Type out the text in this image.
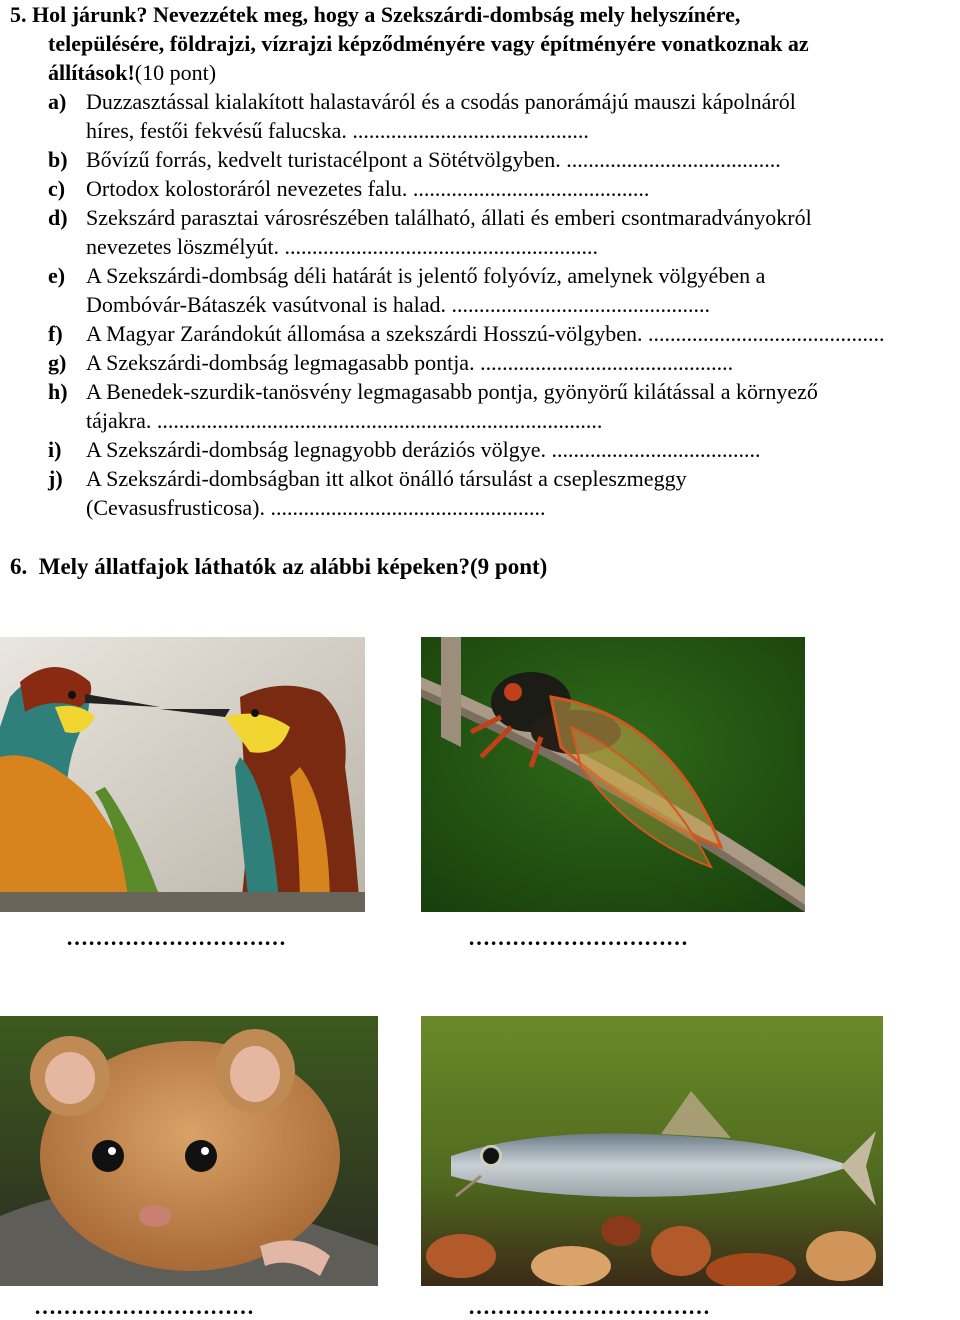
5. Hol járunk? Nevezzétek meg, hogy a Szekszárdi-dombság mely helyszínére,
településére, földrajzi, vízrajzi képződményére vagy építményére vonatkoznak az
állítások!(10 pont)
a) Duzzasztással kialakított halastaváról és a csodás panorámájú mauszi kápolnáról
híres, festői fekvésű falucska. ...........................................
b) Bővízű forrás, kedvelt turistacélpont a Sötétvölgyben. .......................................
c) Ortodox kolostoráról nevezetes falu. ...........................................
d) Szekszárd parasztai városrészében található, állati és emberi csontmaradványokról
nevezetes löszmélyút. .........................................................
e) A Szekszárdi-dombság déli határát is jelentő folyóvíz, amelynek völgyében a
Dombóvár-Bátaszék vasútvonal is halad. ...............................................
f) A Magyar Zarándokút állomása a szekszárdi Hosszú-völgyben. ...........................................
g) A Szekszárdi-dombság legmagasabb pontja. ..............................................
h) A Benedek-szurdik-tanösvény legmagasabb pontja, gyönyörű kilátással a környező
tájakra. .................................................................................
i) A Szekszárdi-dombság legnagyobb deráziós völgye. ......................................
j) A Szekszárdi-dombságban itt alkot önálló társulást a csepleszmeggy
(Cevasusfrusticosa). ..................................................
6. Mely állatfajok láthatók az alábbi képeken?(9 pont)
…………………………	…………………………
…………………………	……………………………
